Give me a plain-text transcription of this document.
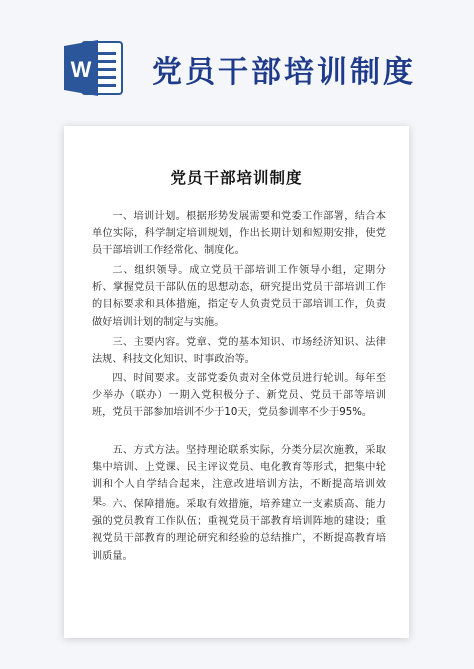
W 党员干部培训制度
党员干部培训制度

一、培训计划。根据形势发展需要和党委工作部署，结合本单位实际，科学制定培训规划，作出长期计划和短期安排，使党员干部培训工作经常化、制度化。

二、组织领导。成立党员干部培训工作领导小组，定期分析、掌握党员干部队伍的思想动态，研究提出党员干部培训工作的目标要求和具体措施，指定专人负责党员干部培训工作，负责做好培训计划的制定与实施。

三、主要内容。党章、党的基本知识、市场经济知识、法律法规、科技文化知识、时事政治等。

四、时间要求。支部党委负责对全体党员进行轮训。每年至少举办（联办）一期入党积极分子、新党员、党员干部等培训班，党员干部参加培训不少于10天，党员参训率不少于95%。

五、方式方法。坚持理论联系实际，分类分层次施教，采取集中培训、上党课、民主评议党员、电化教育等形式，把集中轮训和个人自学结合起来，注意改进培训方法，不断提高培训效果。 六、保障措施。采取有效措施，培养建立一支素质高、能力强的党员教育工作队伍；重视党员干部教育培训阵地的建设；重视党员干部教育的理论研究和经验的总结推广，不断提高教育培训质量。
